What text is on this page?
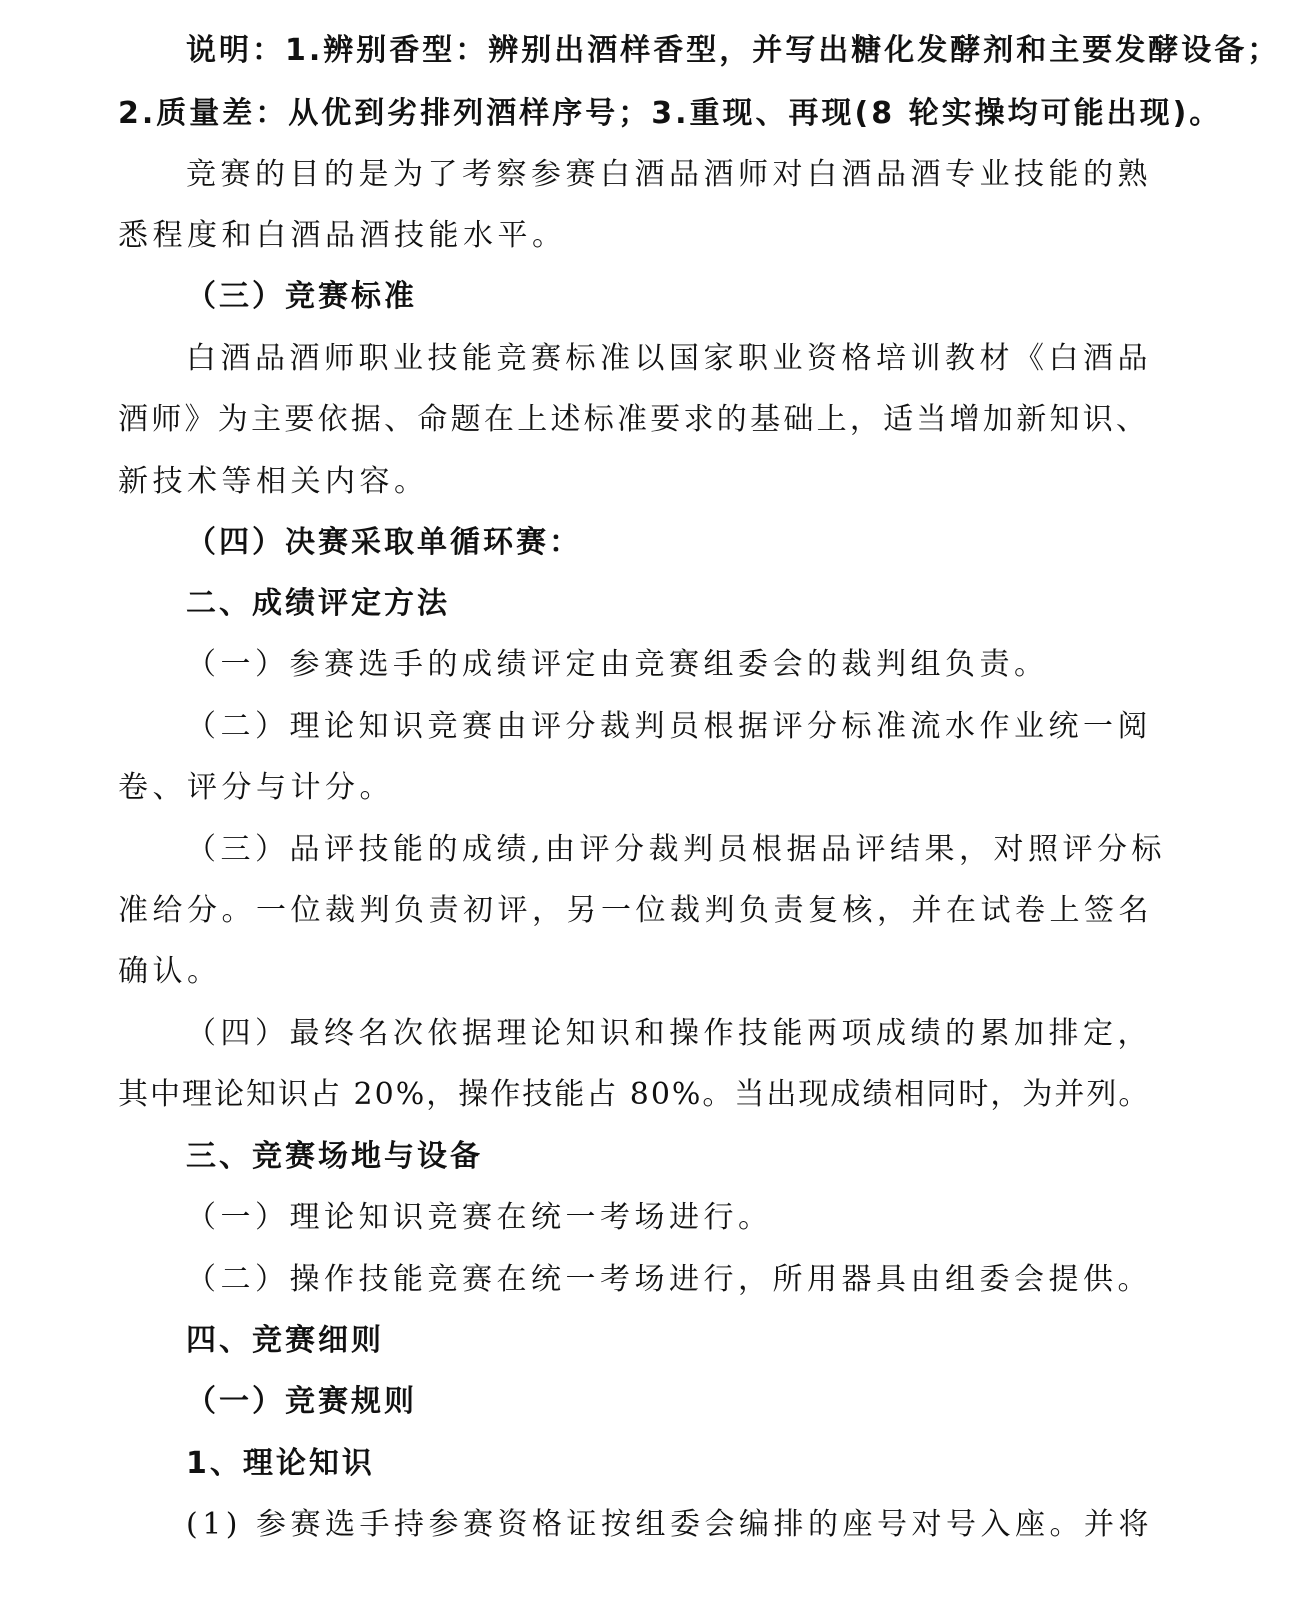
说明：1.辨别香型：辨别出酒样香型，并写出糖化发酵剂和主要发酵设备；
2.质量差：从优到劣排列酒样序号；3.重现、再现(8 轮实操均可能出现)。
竞赛的目的是为了考察参赛白酒品酒师对白酒品酒专业技能的熟
悉程度和白酒品酒技能水平。
（三）竞赛标准
白酒品酒师职业技能竞赛标准以国家职业资格培训教材《白酒品
酒师》为主要依据、命题在上述标准要求的基础上，适当增加新知识、
新技术等相关内容。
（四）决赛采取单循环赛：
二、成绩评定方法
（一）参赛选手的成绩评定由竞赛组委会的裁判组负责。
（二）理论知识竞赛由评分裁判员根据评分标准流水作业统一阅
卷、评分与计分。
（三）品评技能的成绩,由评分裁判员根据品评结果，对照评分标
准给分。一位裁判负责初评，另一位裁判负责复核，并在试卷上签名
确认。
（四）最终名次依据理论知识和操作技能两项成绩的累加排定，
其中理论知识占 20%，操作技能占 80%。当出现成绩相同时，为并列。
三、竞赛场地与设备
（一）理论知识竞赛在统一考场进行。
（二）操作技能竞赛在统一考场进行，所用器具由组委会提供。
四、竞赛细则
（一）竞赛规则
1、理论知识
(1) 参赛选手持参赛资格证按组委会编排的座号对号入座。并将
